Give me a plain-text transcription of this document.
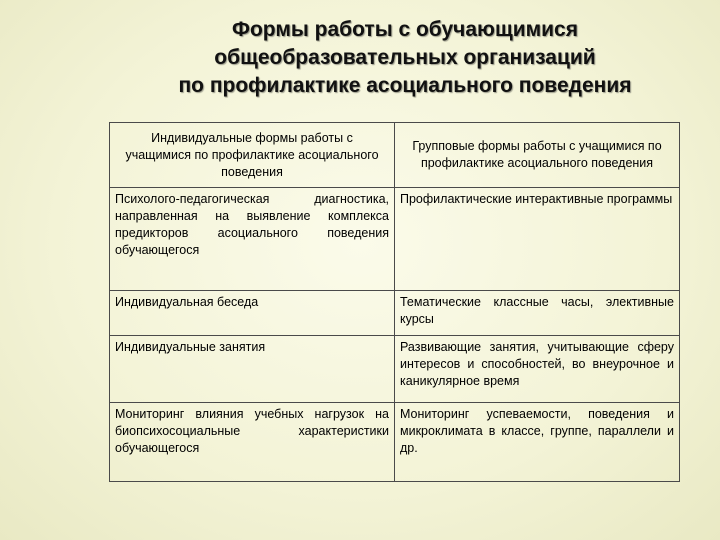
Формы работы с обучающимися
общеобразовательных организаций
по профилактике асоциального поведения
Индивидуальные формы работы с учащимися по профилактике асоциального поведения	Групповые формы работы с учащимися по профилактике асоциального поведения
Психолого-педагогическая диагностика, направленная на выявление комплекса предикторов асоциального поведения обучающегося	Профилактические интерактивные программы
Индивидуальная беседа	Тематические классные часы, элективные курсы
Индивидуальные занятия	Развивающие занятия, учитывающие сферу интересов и способностей, во внеурочное и каникулярное время
Мониторинг влияния учебных нагрузок на биопсихосоциальные характеристики обучающегося	Мониторинг успеваемости, поведения и микроклимата в классе, группе, параллели и др.
